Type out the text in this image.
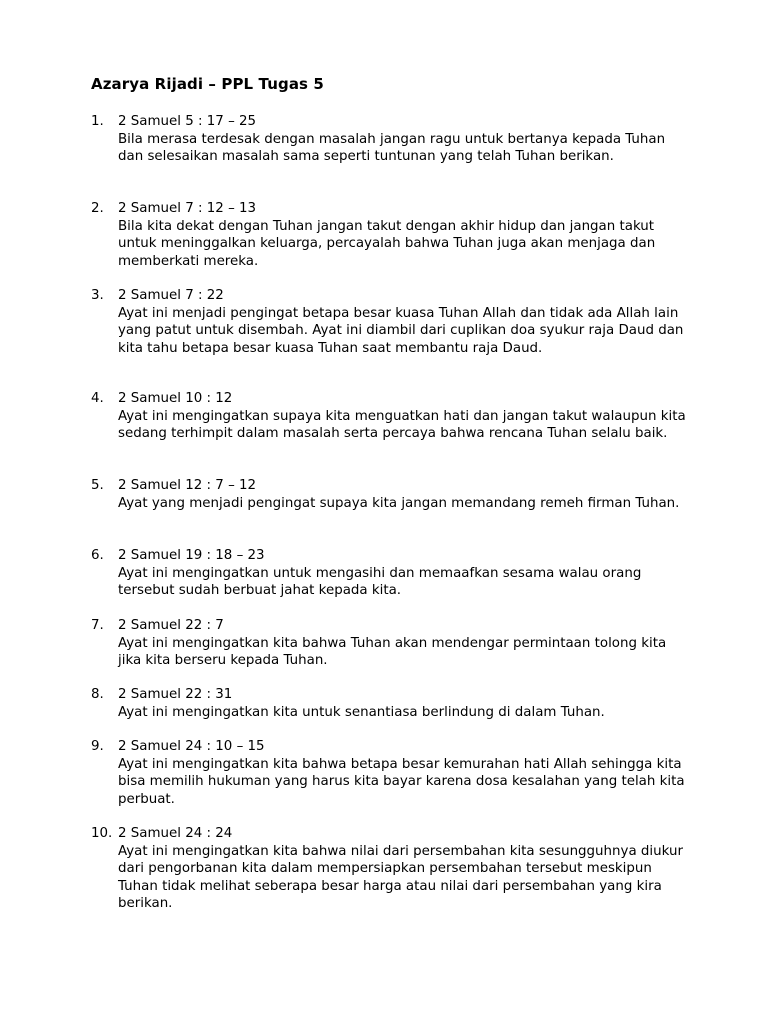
Azarya Rijadi – PPL Tugas 5
1. 2 Samuel 5 : 17 – 25
Bila merasa terdesak dengan masalah jangan ragu untuk bertanya kepada Tuhan dan selesaikan masalah sama seperti tuntunan yang telah Tuhan berikan.
2. 2 Samuel 7 : 12 – 13
Bila kita dekat dengan Tuhan jangan takut dengan akhir hidup dan jangan takut untuk meninggalkan keluarga, percayalah bahwa Tuhan juga akan menjaga dan memberkati mereka.
3. 2 Samuel 7 : 22
Ayat ini menjadi pengingat betapa besar kuasa Tuhan Allah dan tidak ada Allah lain yang patut untuk disembah. Ayat ini diambil dari cuplikan doa syukur raja Daud dan kita tahu betapa besar kuasa Tuhan saat membantu raja Daud.
4. 2 Samuel 10 : 12
Ayat ini mengingatkan supaya kita menguatkan hati dan jangan takut walaupun kita sedang terhimpit dalam masalah serta percaya bahwa rencana Tuhan selalu baik.
5. 2 Samuel 12 : 7 – 12
Ayat yang menjadi pengingat supaya kita jangan memandang remeh firman Tuhan.
6. 2 Samuel 19 : 18 – 23
Ayat ini mengingatkan untuk mengasihi dan memaafkan sesama walau orang tersebut sudah berbuat jahat kepada kita.
7. 2 Samuel 22 : 7
Ayat ini mengingatkan kita bahwa Tuhan akan mendengar permintaan tolong kita jika kita berseru kepada Tuhan.
8. 2 Samuel 22 : 31
Ayat ini mengingatkan kita untuk senantiasa berlindung di dalam Tuhan.
9. 2 Samuel 24 : 10 – 15
Ayat ini mengingatkan kita bahwa betapa besar kemurahan hati Allah sehingga kita bisa memilih hukuman yang harus kita bayar karena dosa kesalahan yang telah kita perbuat.
10. 2 Samuel 24 : 24
Ayat ini mengingatkan kita bahwa nilai dari persembahan kita sesungguhnya diukur dari pengorbanan kita dalam mempersiapkan persembahan tersebut meskipun Tuhan tidak melihat seberapa besar harga atau nilai dari persembahan yang kira berikan.
